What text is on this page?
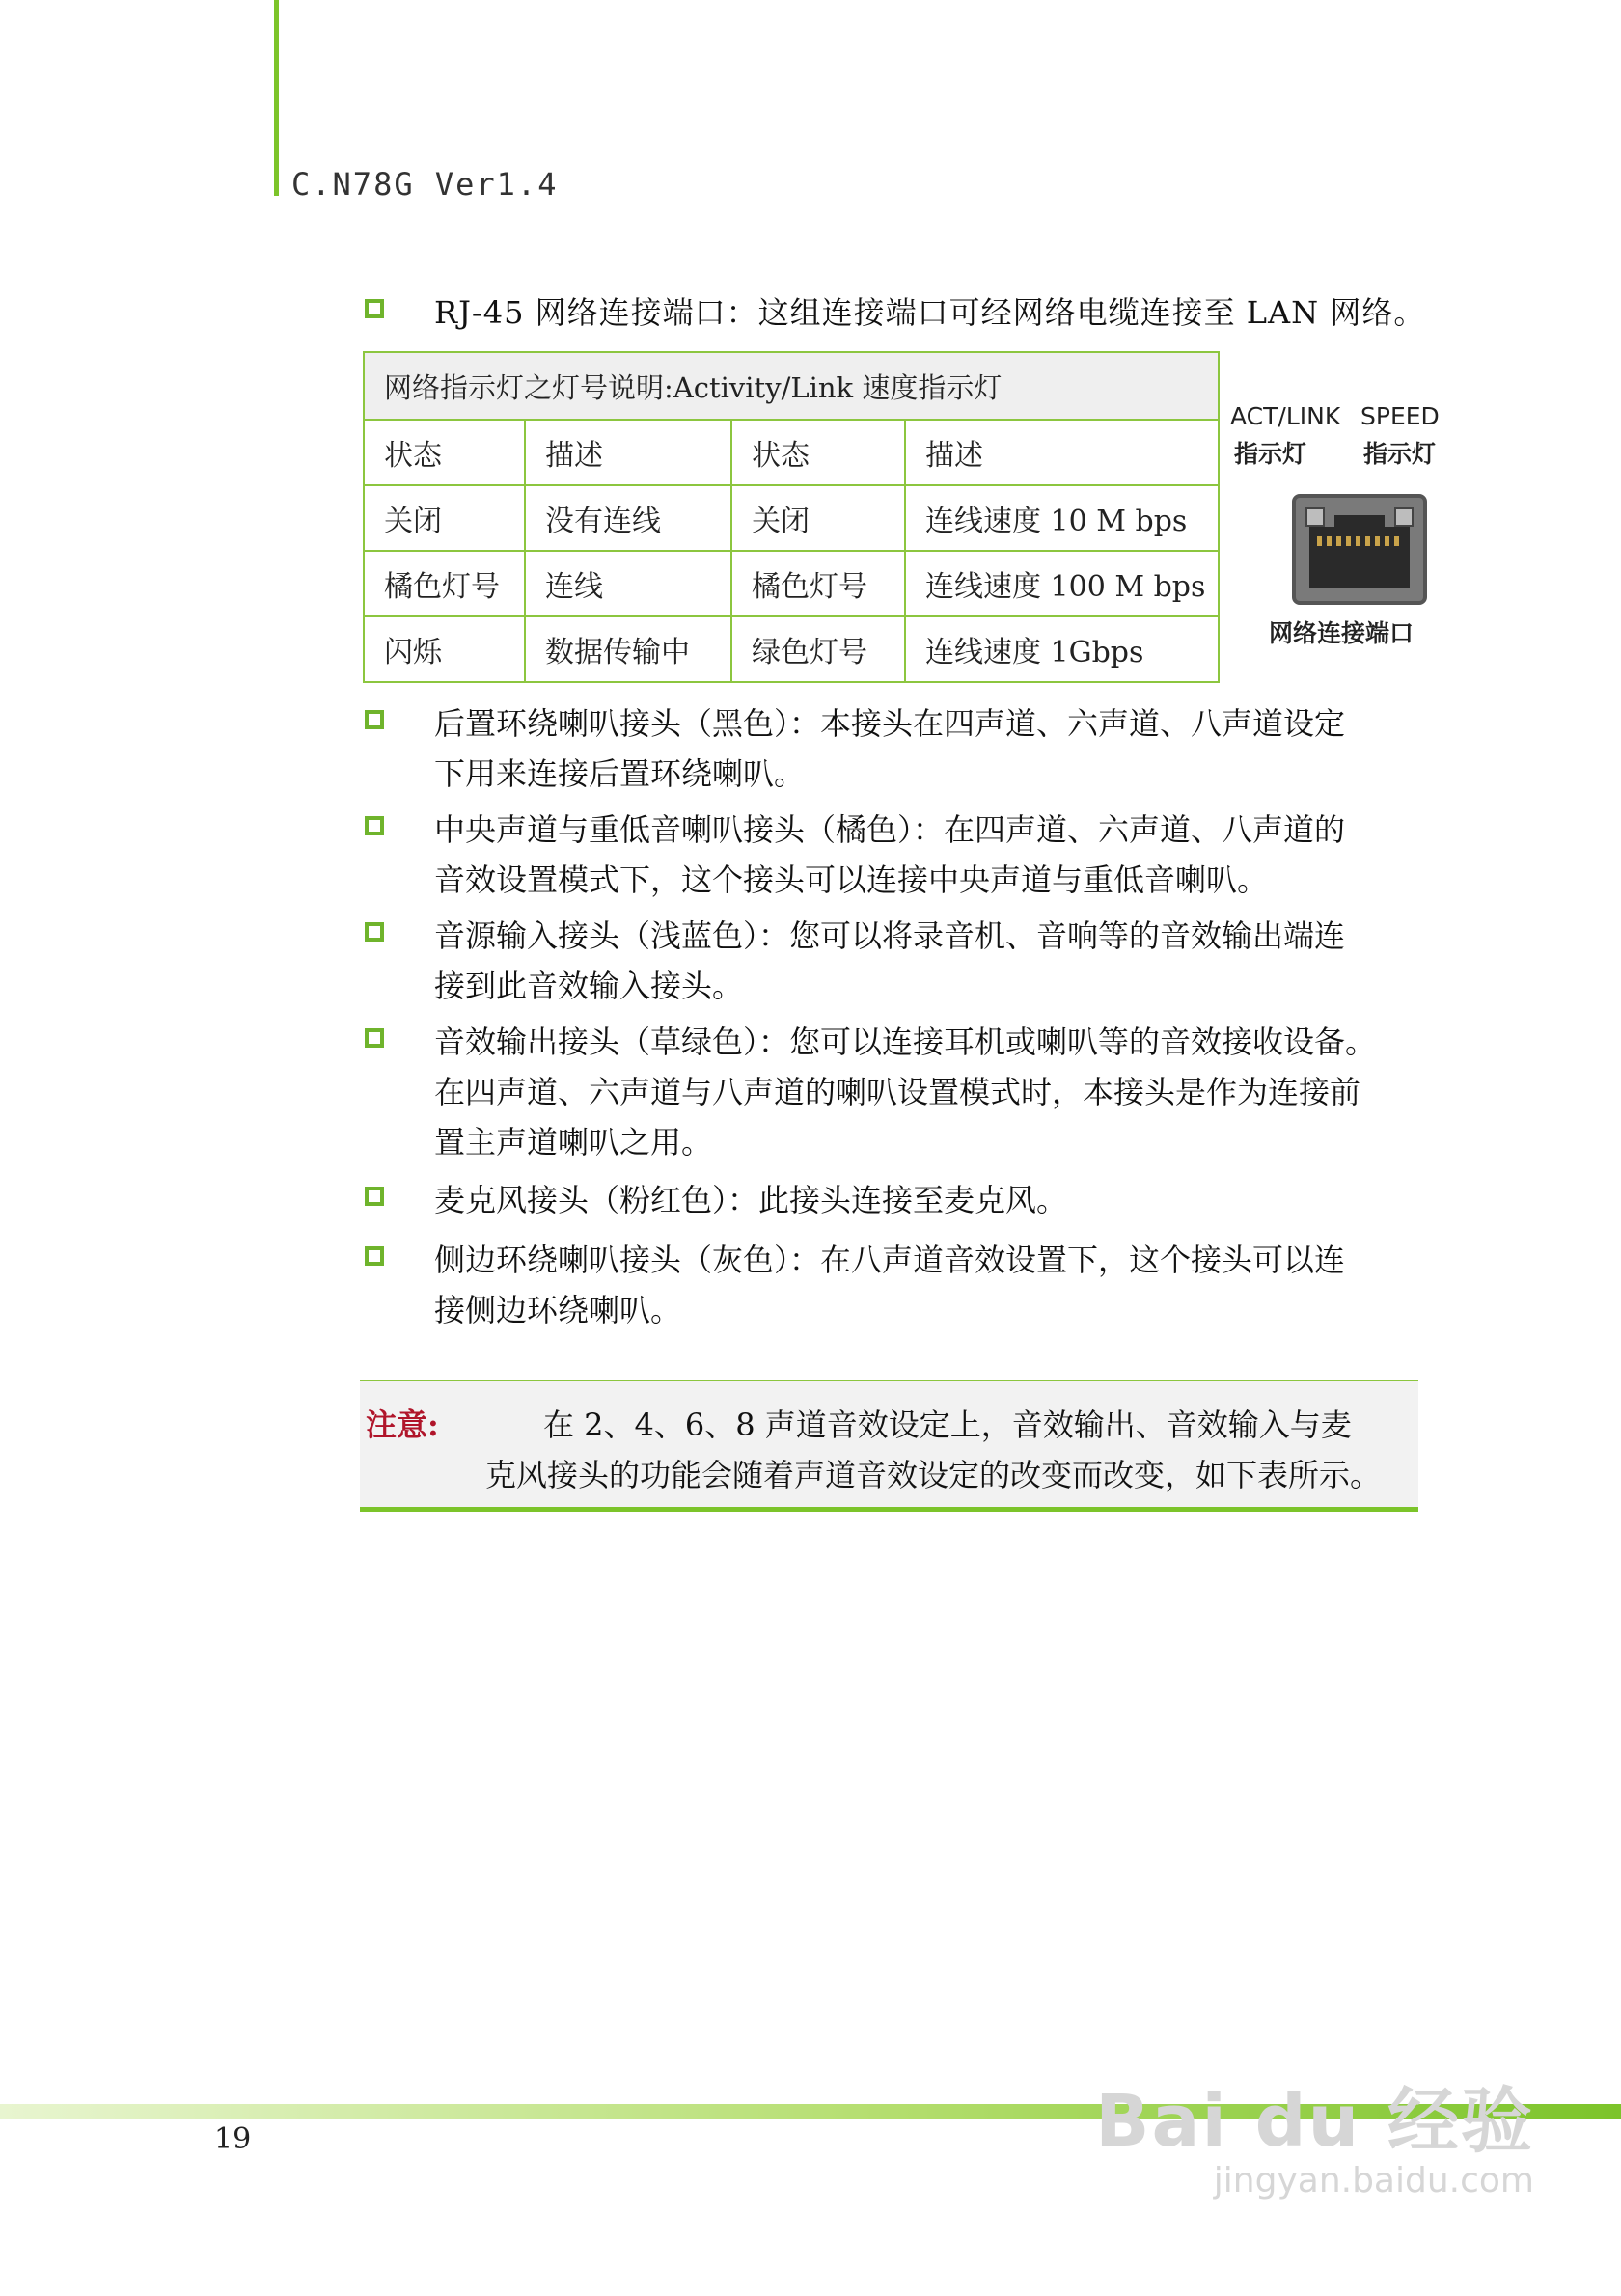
C.N78G Ver1.4
RJ-45 网络连接端口：这组连接端口可经网络电缆连接至 LAN 网络。
网络指示灯之灯号说明:Activity/Link 速度指示灯			
状态	描述	状态	描述
关闭	没有连线	关闭	连线速度 10 M bps
橘色灯号	连线	橘色灯号	连线速度 100 M bps
闪烁	数据传输中	绿色灯号	连线速度 1Gbps
ACT/LINK SPEED
指示灯 指示灯
网络连接端口
后置环绕喇叭接头（黑色）：本接头在四声道、六声道、八声道设定
下用来连接后置环绕喇叭。
中央声道与重低音喇叭接头（橘色）：在四声道、六声道、八声道的
音效设置模式下，这个接头可以连接中央声道与重低音喇叭。
音源输入接头（浅蓝色）：您可以将录音机、音响等的音效输出端连
接到此音效输入接头。
音效输出接头（草绿色）：您可以连接耳机或喇叭等的音效接收设备。
在四声道、六声道与八声道的喇叭设置模式时，本接头是作为连接前
置主声道喇叭之用。
麦克风接头（粉红色）：此接头连接至麦克风。
侧边环绕喇叭接头（灰色）：在八声道音效设置下，这个接头可以连
接侧边环绕喇叭。
注意:	在 2、4、6、8 声道音效设定上，音效输出、音效输入与麦
克风接头的功能会随着声道音效设定的改变而改变，如下表所示。
19	Bai du 经验
jingyan.baidu.com
